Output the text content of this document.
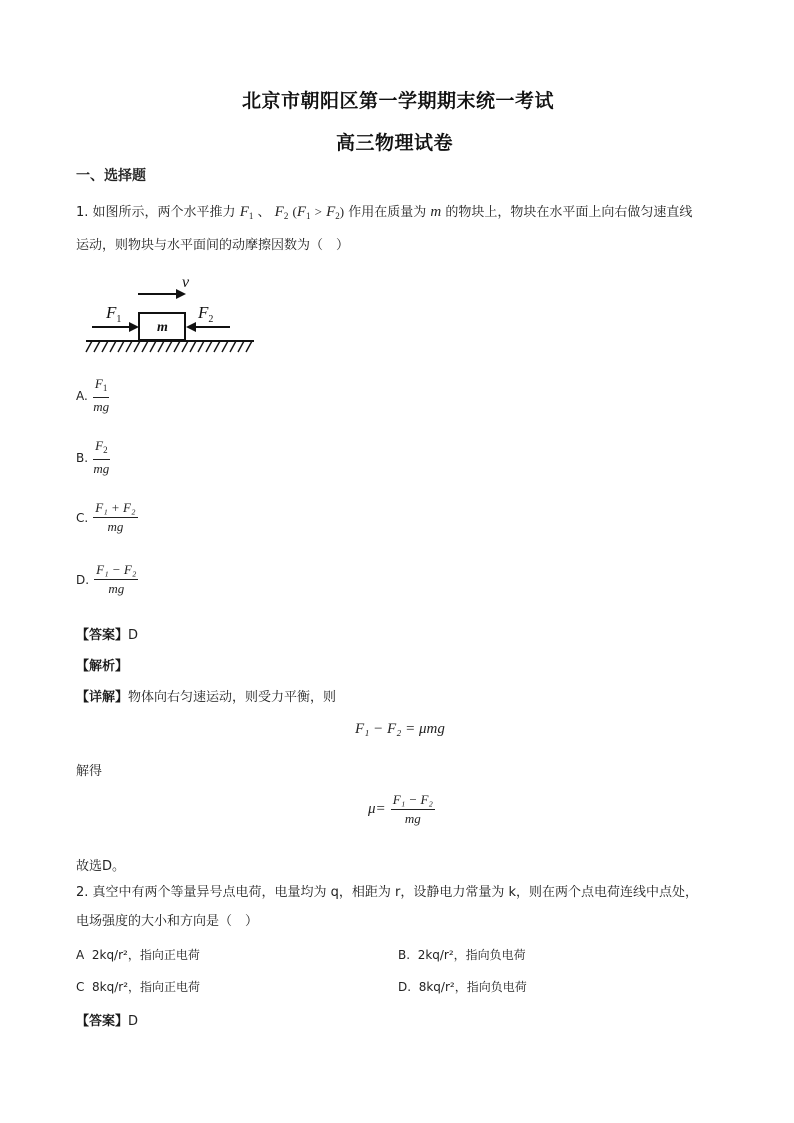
北京市朝阳区第一学期期末统一考试
高三物理试卷
一、选择题
1. 如图所示，两个水平推力 $F_1$ 、 $F_2$ $(F_1 > F_2)$ 作用在质量为 m 的物块上，物块在水平面上向右做匀速直线
运动，则物块与水平面间的动摩擦因数为（　）
v
$F_1$	$F_2$
m
A. $\frac{F_1}{mg}$
B. $\frac{F_2}{mg}$
C. $\frac{\text{F₁ + F₂}}{mg}$
D. $\frac{\text{F₁ − F₂}}{mg}$
【答案】D
【解析】
【详解】物体向右匀速运动，则受力平衡，则
F₁ − F₂ = μmg
解得
$\mu= \frac{\text{F₁ − F₂}}{mg}$
故选D。
2. 真空中有两个等量异号点电荷，电量均为 q，相距为 r，设静电力常量为 k，则在两个点电荷连线中点处，
电场强度的大小和方向是（　）
A 2kq/r²，指向正电荷	B. 2kq/r²，指向负电荷
C 8kq/r²，指向正电荷	D. 8kq/r²，指向负电荷
【答案】D
